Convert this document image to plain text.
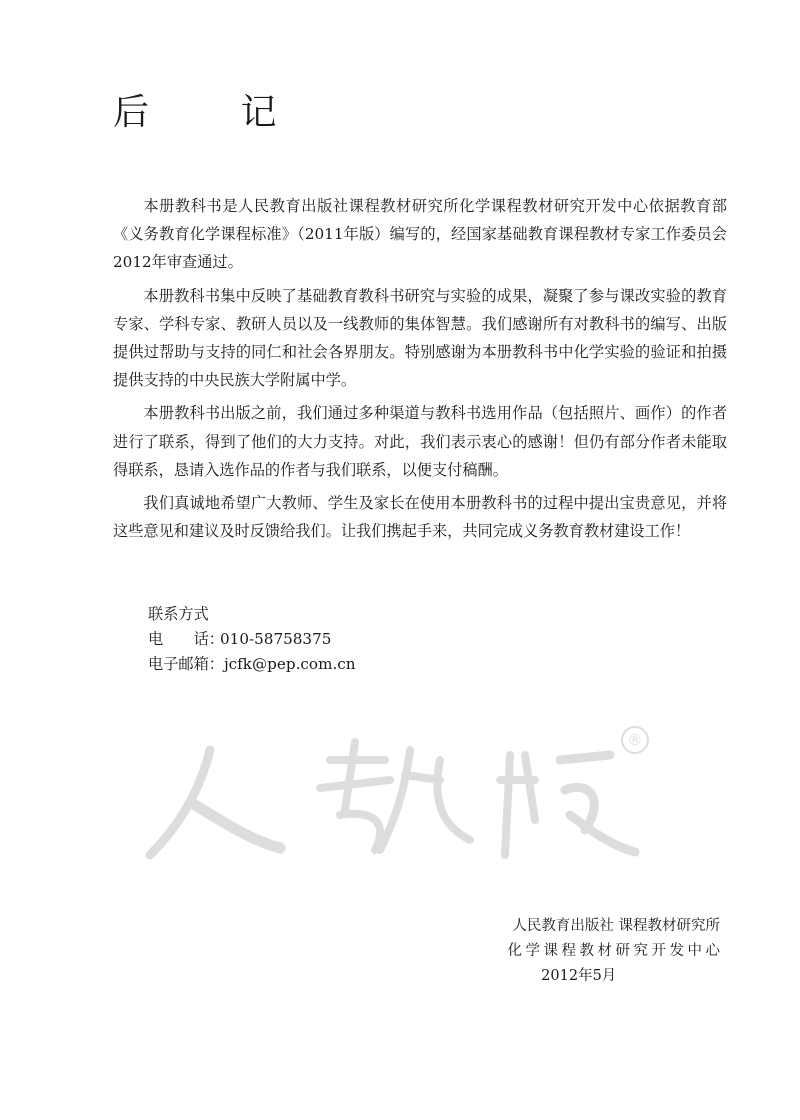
后 记

本册教科书是人民教育出版社课程教材研究所化学课程教材研究开发中心依据教育部《义务教育化学课程标准》（2011年版）编写的，经国家基础教育课程教材专家工作委员会2012年审查通过。

本册教科书集中反映了基础教育教科书研究与实验的成果，凝聚了参与课改实验的教育专家、学科专家、教研人员以及一线教师的集体智慧。我们感谢所有对教科书的编写、出版提供过帮助与支持的同仁和社会各界朋友。特别感谢为本册教科书中化学实验的验证和拍摄提供支持的中央民族大学附属中学。

本册教科书出版之前，我们通过多种渠道与教科书选用作品（包括照片、画作）的作者进行了联系，得到了他们的大力支持。对此，我们表示衷心的感谢！但仍有部分作者未能取得联系，恳请入选作品的作者与我们联系，以便支付稿酬。

我们真诚地希望广大教师、学生及家长在使用本册教科书的过程中提出宝贵意见，并将这些意见和建议及时反馈给我们。让我们携起手来，共同完成义务教育教材建设工作！

联系方式
电　　话：010-58758375
电子邮箱：jcfk@pep.com.cn
®
人民教育出版社 课程教材研究所
化学课程教材研究开发中心
2012年5月
